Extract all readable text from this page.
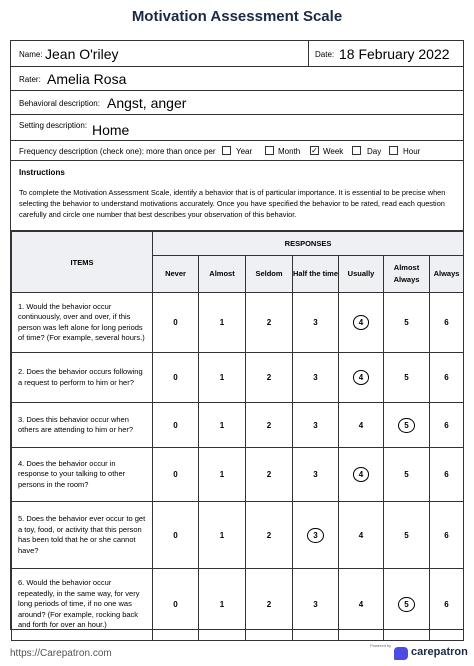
Motivation Assessment Scale
Name: Jean O'riley	Date: 18 February 2022
Rater: Amelia Rosa
Behavioral description: Angst, anger
Setting description: Home
Frequency description (check one): more than once per	Year	Month ✓ Week	Day	Hour
Instructions
To complete the Motivation Assessment Scale, identify a behavior that is of particular importance. It is essential to be precise when selecting the behavior to understand motivations accurately. Once you have specified the behavior to be rated, read each question carefully and circle one number that best describes your observation of this behavior.
ITEMS	RESPONSES						
	Never	Almost	Seldom	Half the time	Usually	Almost Always	Always
1. Would the behavior occur continuously, over and over, if this person was left alone for long periods of time? (For example, several hours.)	0	1	2	3	4	5	6
2. Does the behavior occurs following a request to perform to him or her?	0	1	2	3	4	5	6
3. Does this behavior occur when others are attending to him or her?	0	1	2	3	4	5	6
4. Does the behavior occur in response to your talking to other persons in the room?	0	1	2	3	4	5	6
5. Does the behavior ever occur to get a toy, food, or activity that this person has been told that he or she cannot have?	0	1	2	3	4	5	6
6. Would the behavior occur repeatedly, in the same way, for very long periods of time, if no one was around? (For example, rocking back and forth for over an hour.)	0	1	2	3	4	5	6
https://Carepatron.com
Powered by
carepatron
